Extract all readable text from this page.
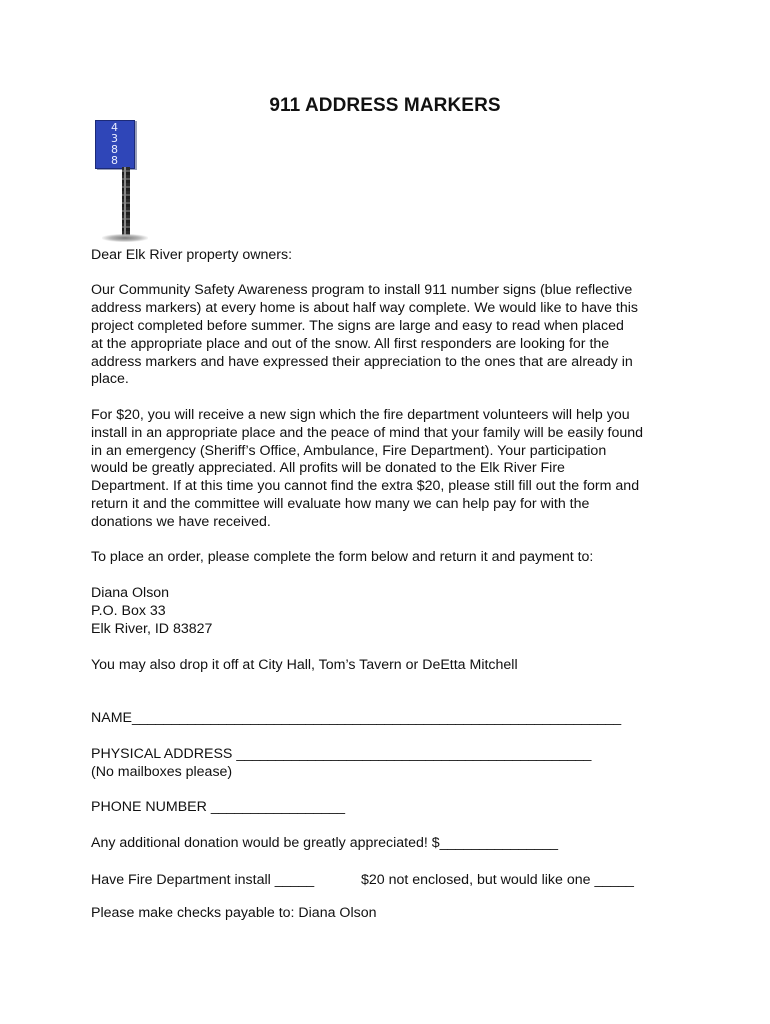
911 ADDRESS MARKERS
4
3
8
8
Dear Elk River property owners:
Our Community Safety Awareness program to install 911 number signs (blue reflective
address markers) at every home is about half way complete. We would like to have this
project completed before summer. The signs are large and easy to read when placed
at the appropriate place and out of the snow. All first responders are looking for the
address markers and have expressed their appreciation to the ones that are already in
place.
For $20, you will receive a new sign which the fire department volunteers will help you
install in an appropriate place and the peace of mind that your family will be easily found
in an emergency (Sheriff’s Office, Ambulance, Fire Department). Your participation
would be greatly appreciated. All profits will be donated to the Elk River Fire
Department. If at this time you cannot find the extra $20, please still fill out the form and
return it and the committee will evaluate how many we can help pay for with the
donations we have received.
To place an order, please complete the form below and return it and payment to:
Diana Olson
P.O. Box 33
Elk River, ID 83827
You may also drop it off at City Hall, Tom’s Tavern or DeEtta Mitchell
NAME______________________________________________________________
PHYSICAL ADDRESS _____________________________________________
(No mailboxes please)
PHONE NUMBER _________________
Any additional donation would be greatly appreciated! $_______________
Have Fire Department install _____	$20 not enclosed, but would like one _____
Please make checks payable to: Diana Olson
